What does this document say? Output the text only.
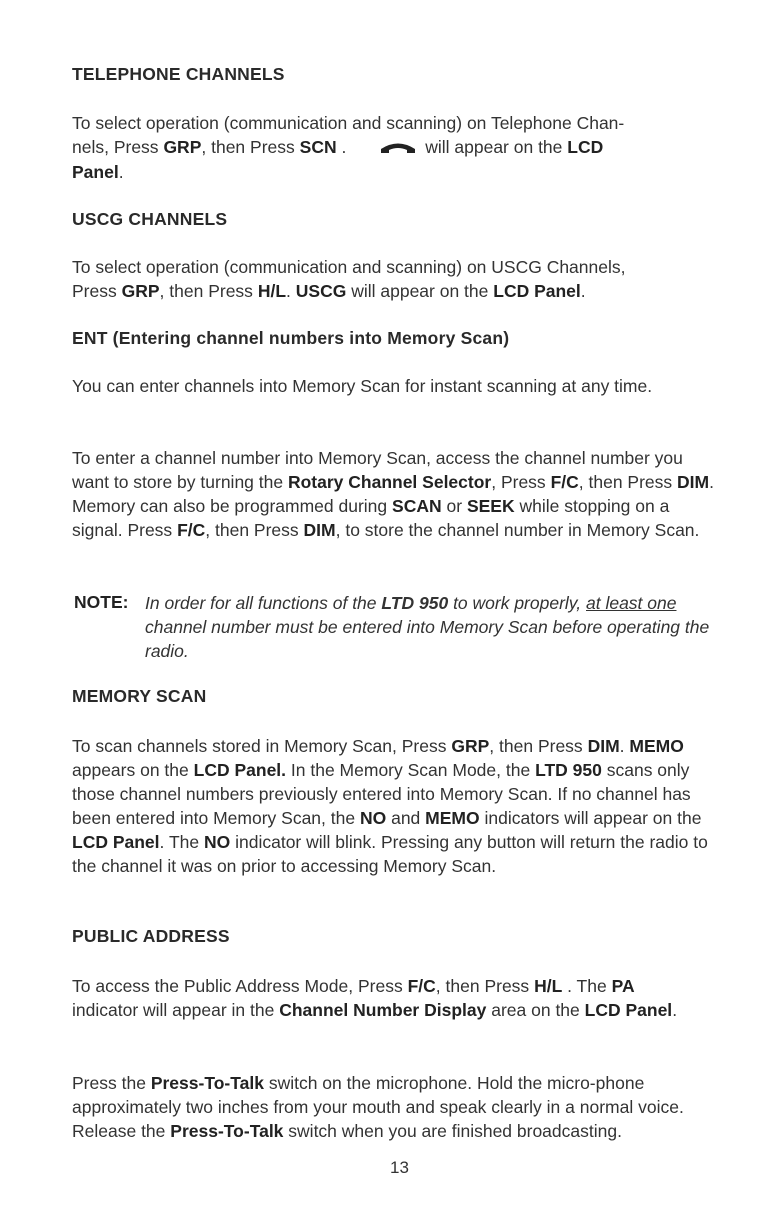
TELEPHONE CHANNELS
To select operation (communication and scanning) on Telephone Chan-
nels, Press GRP, then Press SCN .	will appear on the LCD
Panel.
USCG CHANNELS
To select operation (communication and scanning) on USCG Channels,
Press GRP, then Press H/L. USCG will appear on the LCD Panel.
ENT (Entering channel numbers into Memory Scan)
You can enter channels into Memory Scan for instant scanning at any time.
To enter a channel number into Memory Scan, access the channel number you want to store by turning the Rotary Channel Selector, Press F/C, then Press DIM. Memory can also be programmed during SCAN or SEEK while stopping on a signal. Press F/C, then Press DIM, to store the channel number in Memory Scan.
NOTE: In order for all functions of the LTD 950 to work properly, at least one channel number must be entered into Memory Scan before operating the radio.
MEMORY SCAN
To scan channels stored in Memory Scan, Press GRP, then Press DIM. MEMO appears on the LCD Panel. In the Memory Scan Mode, the LTD 950 scans only those channel numbers previously entered into Memory Scan. If no channel has been entered into Memory Scan, the NO and MEMO indicators will appear on the LCD Panel. The NO indicator will blink. Pressing any button will return the radio to the channel it was on prior to accessing Memory Scan.
PUBLIC ADDRESS
To access the Public Address Mode, Press F/C, then Press H/L . The PA indicator will appear in the Channel Number Display area on the LCD Panel.
Press the Press-To-Talk switch on the microphone. Hold the micro-phone approximately two inches from your mouth and speak clearly in a normal voice. Release the Press-To-Talk switch when you are finished broadcasting.
13
